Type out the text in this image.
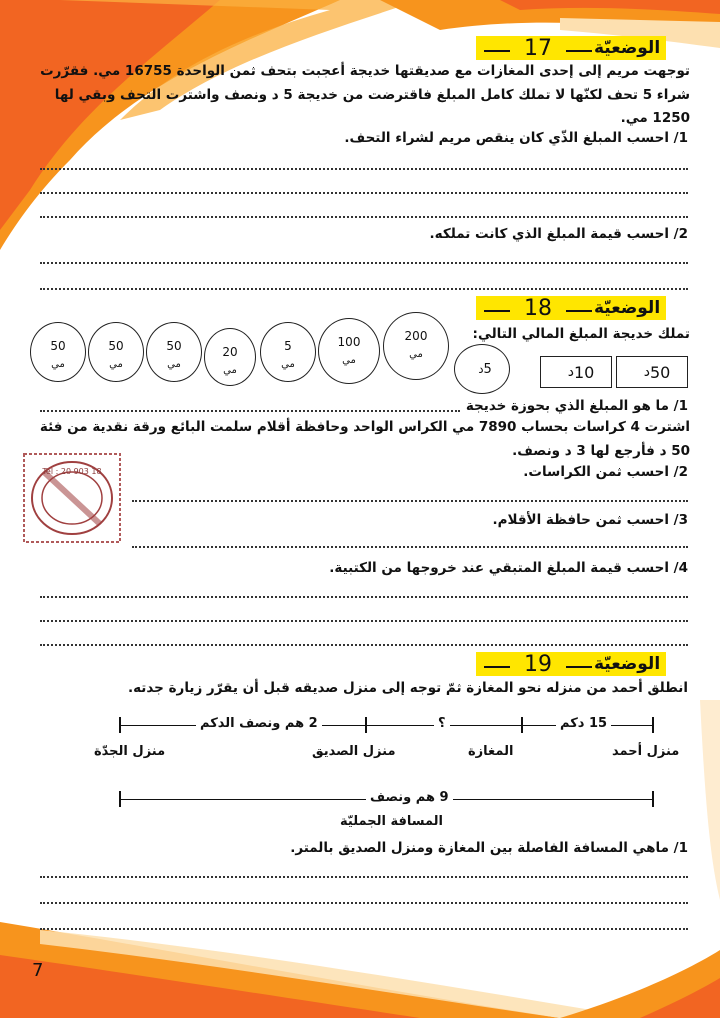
الوضعيّة
17
توجهت مريم إلى إحدى المغازات مع صديقتها خديجة أعجبت بتحف ثمن الواحدة 16755 مي. فقرّرت شراء 5 تحف لكنّها لا تملك كامل المبلغ فاقترضت من خديجة 5 د ونصف واشترت التحف وبقي لها 1250 مي.
1/ احسب المبلغ الذّي كان ينقص مريم لشراء التحف.
2/ احسب قيمة المبلغ الذي كانت تملكه.
الوضعيّة
18
تملك خديجة المبلغ المالي التالي:
50
مي
50
مي
50
مي
20
مي
5
مي
100
مي
200
مي
5
د	10
د	50
د
1/ ما هو المبلغ الذي بحوزة خديجة
اشترت 4 كراسات بحساب 7890 مي الكراس الواحد وحافظة أقلام سلمت البائع ورقة نقدية من فئة 50 د فأرجع لها 3 د ونصف.
2/ احسب ثمن الكراسات.
3/ احسب ثمن حافظة الأقلام.
4/ احسب قيمة المبلغ المتبقي عند خروجها من الكتبية.
Tel : 20 903 18
الوضعيّة
19
انطلق أحمد من منزله نحو المغازة ثمّ توجه إلى منزل صديقه قبل أن يقرّر زيارة جدته.
15 دكم
؟
2 هم ونصف الدكم
منزل أحمد
المغازة
منزل الصديق
منزل الجدّة
9 هم ونصف
المسافة الجمليّة
1/ ماهي المسافة الفاصلة بين المغازة ومنزل الصديق بالمتر.
7
